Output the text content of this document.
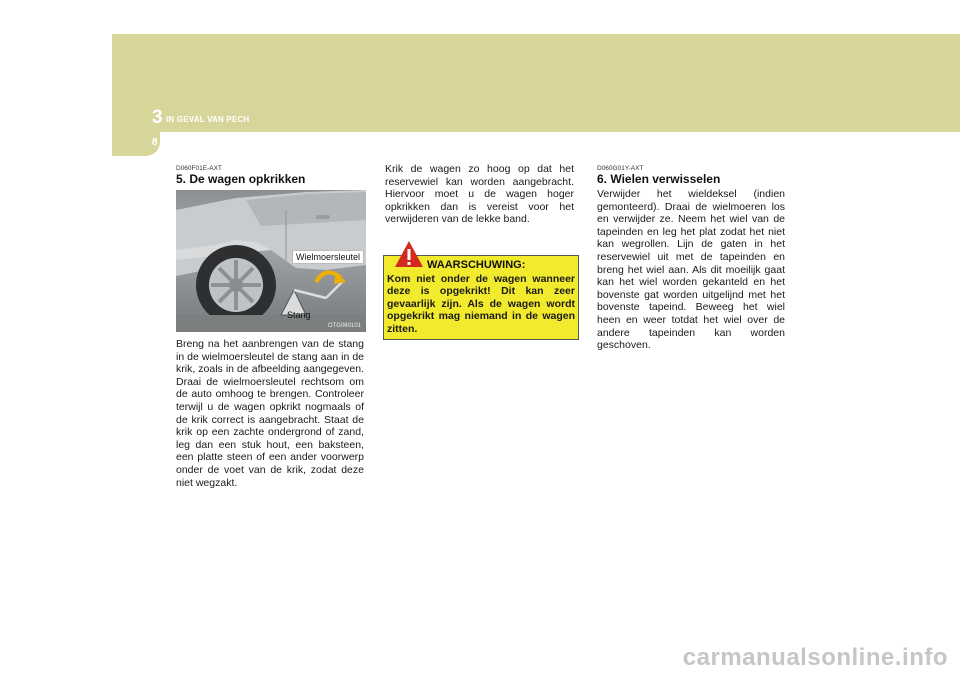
3 IN GEVAL VAN PECH
8
D060F01E-AXT
5. De wagen opkrikken
Wielmoersleutel
Stang
OTG060101
Breng na het aanbrengen van de stang in de wielmoersleutel de stang aan in de krik, zoals in de afbeelding aangegeven. Draai de wielmoersleutel rechtsom om de auto omhoog te brengen. Controleer terwijl u de wagen opkrikt nogmaals of de krik correct is aangebracht. Staat de krik op een zachte ondergrond of zand, leg dan een stuk hout, een baksteen, een platte steen of een ander voorwerp onder de voet van de krik, zodat deze niet wegzakt.
Krik de wagen zo hoog op dat het reservewiel kan worden aangebracht. Hiervoor moet u de wagen hoger opkrikken dan is vereist voor het verwijderen van de lekke band.
WAARSCHUWING:
Kom niet onder de wagen wanneer deze is opgekrikt! Dit kan zeer gevaarlijk zijn. Als de wagen wordt opgekrikt mag niemand in de wagen zitten.
D060G01Y-AXT
6. Wielen verwisselen
Verwijder het wieldeksel (indien gemonteerd). Draai de wielmoeren los en verwijder ze. Neem het wiel van de tapeinden en leg het plat zodat het niet kan wegrollen. Lijn de gaten in het reservewiel uit met de tapeinden en breng het wiel aan. Als dit moeilijk gaat kan het wiel worden gekanteld en het bovenste gat worden uitgelijnd met het bovenste tapeind. Beweeg het wiel heen en weer totdat het wiel over de andere tapeinden kan worden geschoven.
carmanualsonline.info
